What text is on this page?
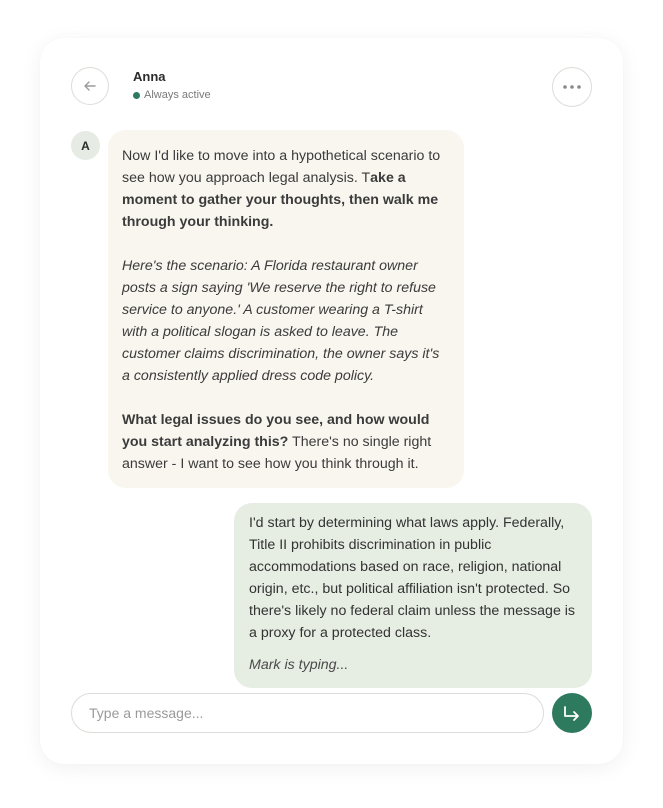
Anna
Always active
A

Now I'd like to move into a hypothetical scenario to see how you approach legal analysis. Take a moment to gather your thoughts, then walk me through your thinking.

Here's the scenario: A Florida restaurant owner posts a sign saying 'We reserve the right to refuse service to anyone.' A customer wearing a T-shirt with a political slogan is asked to leave. The customer claims discrimination, the owner says it's a consistently applied dress code policy.

What legal issues do you see, and how would you start analyzing this? There's no single right answer - I want to see how you think through it.

I'd start by determining what laws apply. Federally, Title II prohibits discrimination in public accommodations based on race, religion, national origin, etc., but political affiliation isn't protected. So there's likely no federal claim unless the message is a proxy for a protected class.

Mark is typing...

Type a message...
